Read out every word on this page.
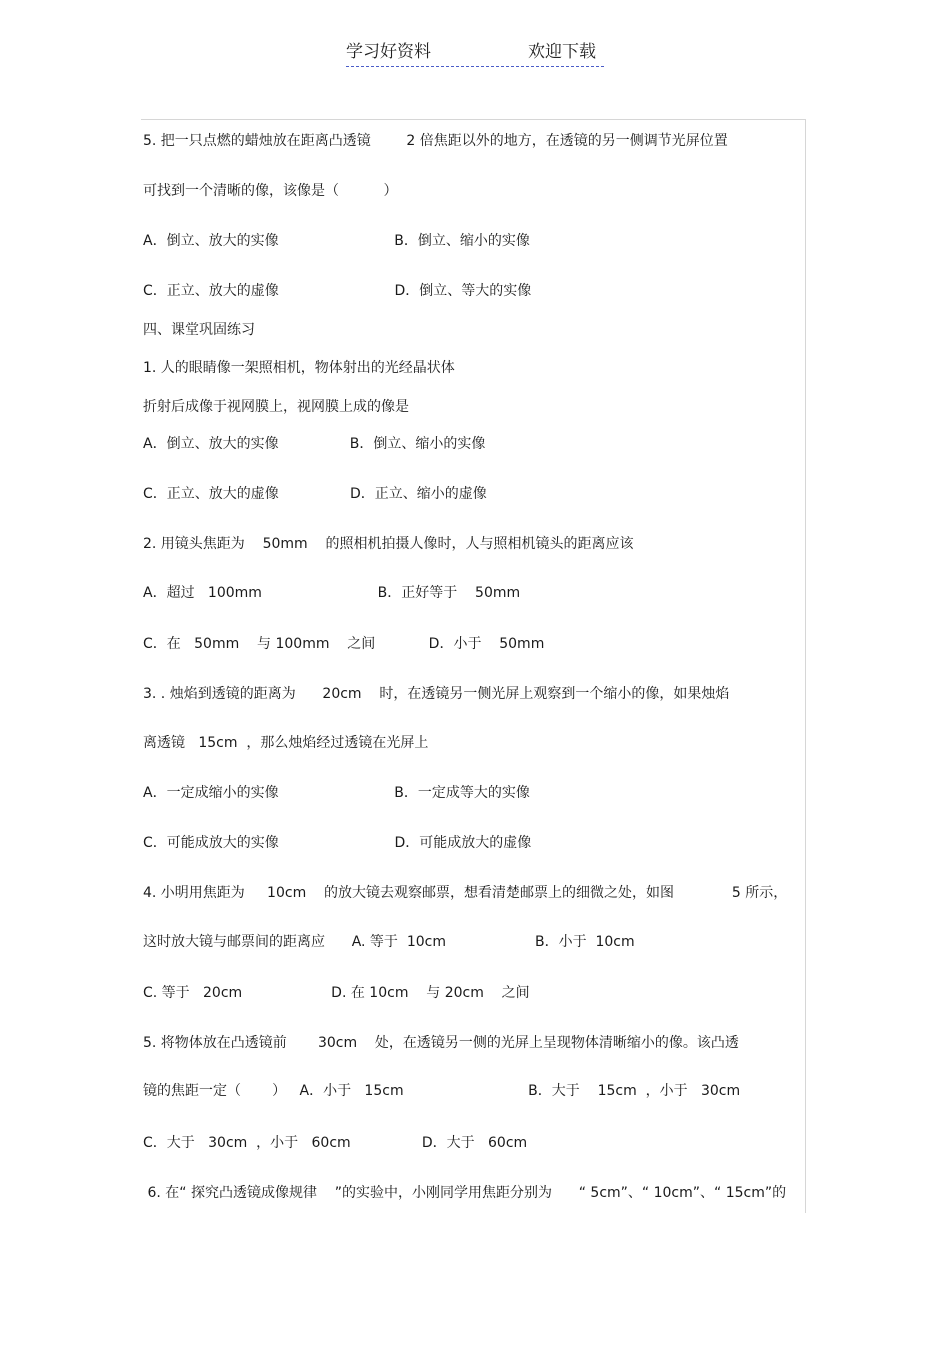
学习好资料	欢迎下载
5. 把一只点燃的蜡烛放在距离凸透镜        2 倍焦距以外的地方，在透镜的另一侧调节光屏位置
可找到一个清晰的像，该像是（          ）
A．倒立、放大的实像                          B．倒立、缩小的实像
C．正立、放大的虚像                          D．倒立、等大的实像
四、课堂巩固练习
1. 人的眼睛像一架照相机，物体射出的光经晶状体
折射后成像于视网膜上，视网膜上成的像是
A．倒立、放大的实像                B．倒立、缩小的实像
C．正立、放大的虚像                D．正立、缩小的虚像
2. 用镜头焦距为    50mm    的照相机拍摄人像时，人与照相机镜头的距离应该
A．超过   100mm                          B．正好等于    50mm
C．在   50mm    与 100mm    之间            D．小于    50mm
3. . 烛焰到透镜的距离为      20cm    时，在透镜另一侧光屏上观察到一个缩小的像，如果烛焰
离透镜   15cm  ，那么烛焰经过透镜在光屏上
A．一定成缩小的实像                          B．一定成等大的实像
C．可能成放大的实像                          D．可能成放大的虚像
4. 小明用焦距为     10cm    的放大镜去观察邮票，想看清楚邮票上的细微之处，如图             5 所示，
这时放大镜与邮票间的距离应      A. 等于  10cm                    B．小于  10cm
C. 等于   20cm                    D. 在 10cm    与 20cm    之间
5. 将物体放在凸透镜前       30cm    处，在透镜另一侧的光屏上呈现物体清晰缩小的像。该凸透
镜的焦距一定（       ）   A．小于   15cm                            B．大于    15cm  ，小于   30cm
C．大于   30cm  ，小于   60cm                D．大于   60cm
6. 在“ 探究凸透镜成像规律    ”的实验中，小刚同学用焦距分别为      “ 5cm”、“ 10cm”、“ 15cm”的
